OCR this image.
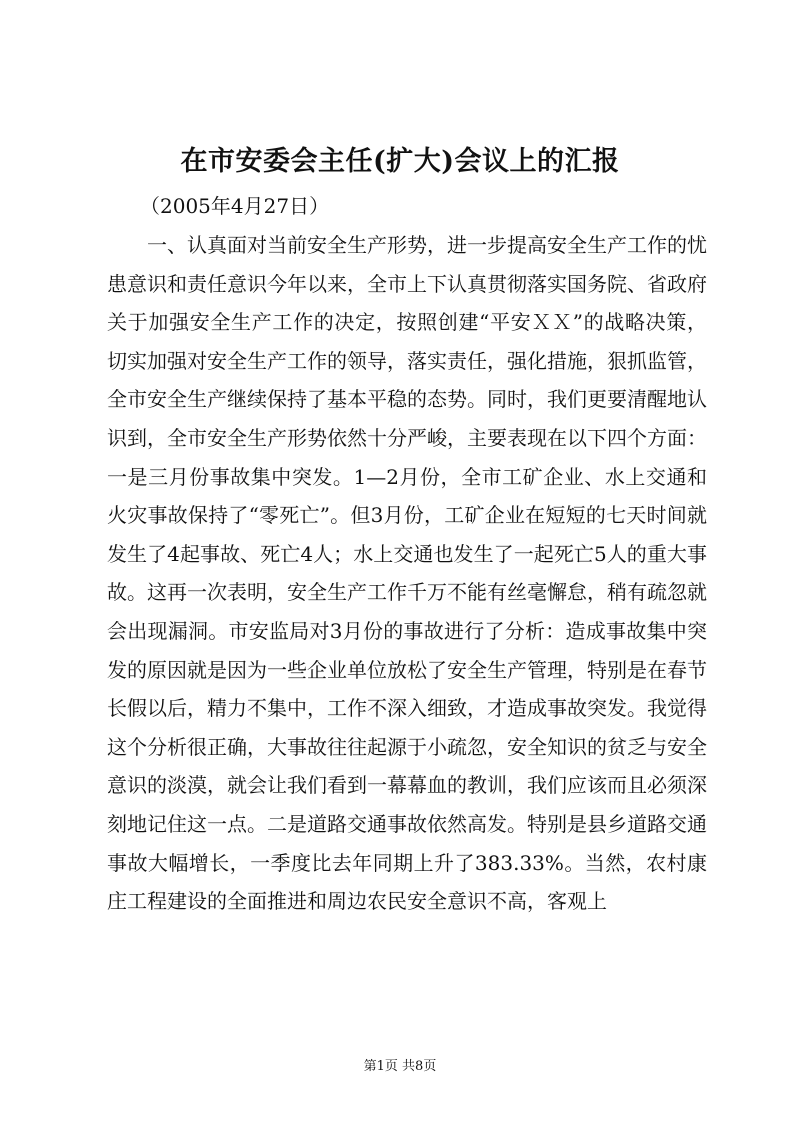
在市安委会主任(扩大)会议上的汇报
（2005年4月27日）

一、认真面对当前安全生产形势，进一步提高安全生产工作的忧患意识和责任意识今年以来，全市上下认真贯彻落实国务院、省政府关于加强安全生产工作的决定，按照创建“平安ＸＸ”的战略决策，切实加强对安全生产工作的领导，落实责任，强化措施，狠抓监管，全市安全生产继续保持了基本平稳的态势。同时，我们更要清醒地认识到，全市安全生产形势依然十分严峻，主要表现在以下四个方面：一是三月份事故集中突发。1—2月份，全市工矿企业、水上交通和火灾事故保持了“零死亡”。但3月份，工矿企业在短短的七天时间就发生了4起事故、死亡4人；水上交通也发生了一起死亡5人的重大事故。这再一次表明，安全生产工作千万不能有丝毫懈怠，稍有疏忽就会出现漏洞。市安监局对3月份的事故进行了分析：造成事故集中突发的原因就是因为一些企业单位放松了安全生产管理，特别是在春节长假以后，精力不集中，工作不深入细致，才造成事故突发。我觉得这个分析很正确，大事故往往起源于小疏忽，安全知识的贫乏与安全意识的淡漠，就会让我们看到一幕幕血的教训，我们应该而且必须深刻地记住这一点。二是道路交通事故依然高发。特别是县乡道路交通事故大幅增长，一季度比去年同期上升了383.33%。当然，农村康庄工程建设的全面推进和周边农民安全意识不高，客观上

第1页 共8页
